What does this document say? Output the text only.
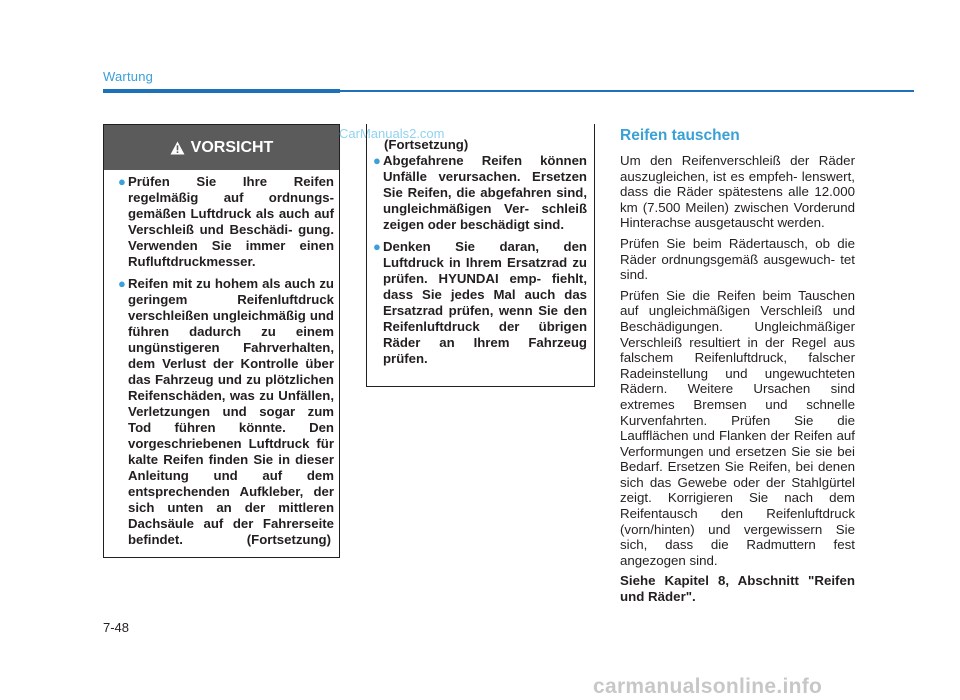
Wartung
VORSICHT
● Prüfen Sie Ihre Reifen regelmäßig auf ordnungs- gemäßen Luftdruck als auch auf Verschleiß und Beschädi- gung. Verwenden Sie immer einen Rufluftdruckmesser.
● Reifen mit zu hohem als auch zu geringem Reifenluftdruck verschleißen ungleichmäßig und führen dadurch zu einem ungünstigeren Fahrverhalten, dem Verlust der Kontrolle über das Fahrzeug und zu plötzlichen Reifenschäden, was zu Unfällen, Verletzungen und sogar zum Tod führen könnte. Den vorgeschriebenen Luftdruck für kalte Reifen finden Sie in dieser Anleitung und auf dem entsprechenden Aufkleber, der sich unten an der mittleren Dachsäule auf der Fahrerseite befindet.	(Fortsetzung)
CarManuals2.com
(Fortsetzung)
● Abgefahrene Reifen können Unfälle verursachen. Ersetzen Sie Reifen, die abgefahren sind, ungleichmäßigen Ver- schleiß zeigen oder beschädigt sind.
● Denken Sie daran, den Luftdruck in Ihrem Ersatzrad zu prüfen. HYUNDAI emp- fiehlt, dass Sie jedes Mal auch das Ersatzrad prüfen, wenn Sie den Reifenluftdruck der übrigen Räder an Ihrem Fahrzeug prüfen.
Reifen tauschen

Um den Reifenverschleiß der Räder auszugleichen, ist es empfeh- lenswert, dass die Räder spätestens alle 12.000 km (7.500 Meilen) zwischen Vorderund Hinterachse ausgetauscht werden.

Prüfen Sie beim Rädertausch, ob die Räder ordnungsgemäß ausgewuch- tet sind.

Prüfen Sie die Reifen beim Tauschen auf ungleichmäßigen Verschleiß und Beschädigungen. Ungleichmäßiger Verschleiß resultiert in der Regel aus falschem Reifenluftdruck, falscher Radeinstellung und ungewuchteten Rädern. Weitere Ursachen sind extremes Bremsen und schnelle Kurvenfahrten. Prüfen Sie die Laufflächen und Flanken der Reifen auf Verformungen und ersetzen Sie sie bei Bedarf. Ersetzen Sie Reifen, bei denen sich das Gewebe oder der Stahlgürtel zeigt. Korrigieren Sie nach dem Reifentausch den Reifenluftdruck (vorn/hinten) und vergewissern Sie sich, dass die Radmuttern fest angezogen sind.

Siehe Kapitel 8, Abschnitt "Reifen und Räder".

7-48
carmanualsonline.info
